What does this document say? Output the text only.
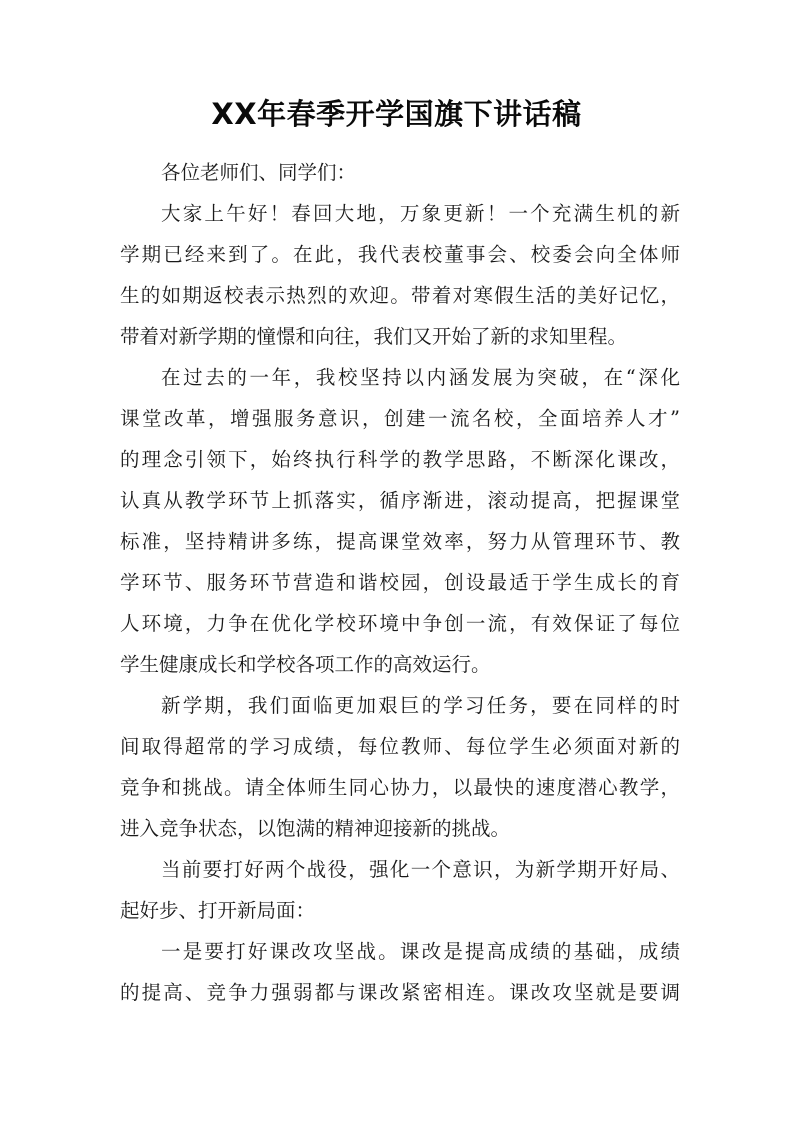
XX年春季开学国旗下讲话稿
各位老师们、同学们：
大家上午好！春回大地，万象更新！一个充满生机的新
学期已经来到了。在此，我代表校董事会、校委会向全体师
生的如期返校表示热烈的欢迎。带着对寒假生活的美好记忆，
带着对新学期的憧憬和向往，我们又开始了新的求知里程。
在过去的一年，我校坚持以内涵发展为突破，在“深化
课堂改革，增强服务意识，创建一流名校，全面培养人才”
的理念引领下，始终执行科学的教学思路，不断深化课改，
认真从教学环节上抓落实，循序渐进，滚动提高，把握课堂
标准，坚持精讲多练，提高课堂效率，努力从管理环节、教
学环节、服务环节营造和谐校园，创设最适于学生成长的育
人环境，力争在优化学校环境中争创一流，有效保证了每位
学生健康成长和学校各项工作的高效运行。
新学期，我们面临更加艰巨的学习任务，要在同样的时
间取得超常的学习成绩，每位教师、每位学生必须面对新的
竞争和挑战。请全体师生同心协力，以最快的速度潜心教学，
进入竞争状态，以饱满的精神迎接新的挑战。
当前要打好两个战役，强化一个意识，为新学期开好局、
起好步、打开新局面：
一是要打好课改攻坚战。课改是提高成绩的基础，成绩
的提高、竞争力强弱都与课改紧密相连。课改攻坚就是要调
